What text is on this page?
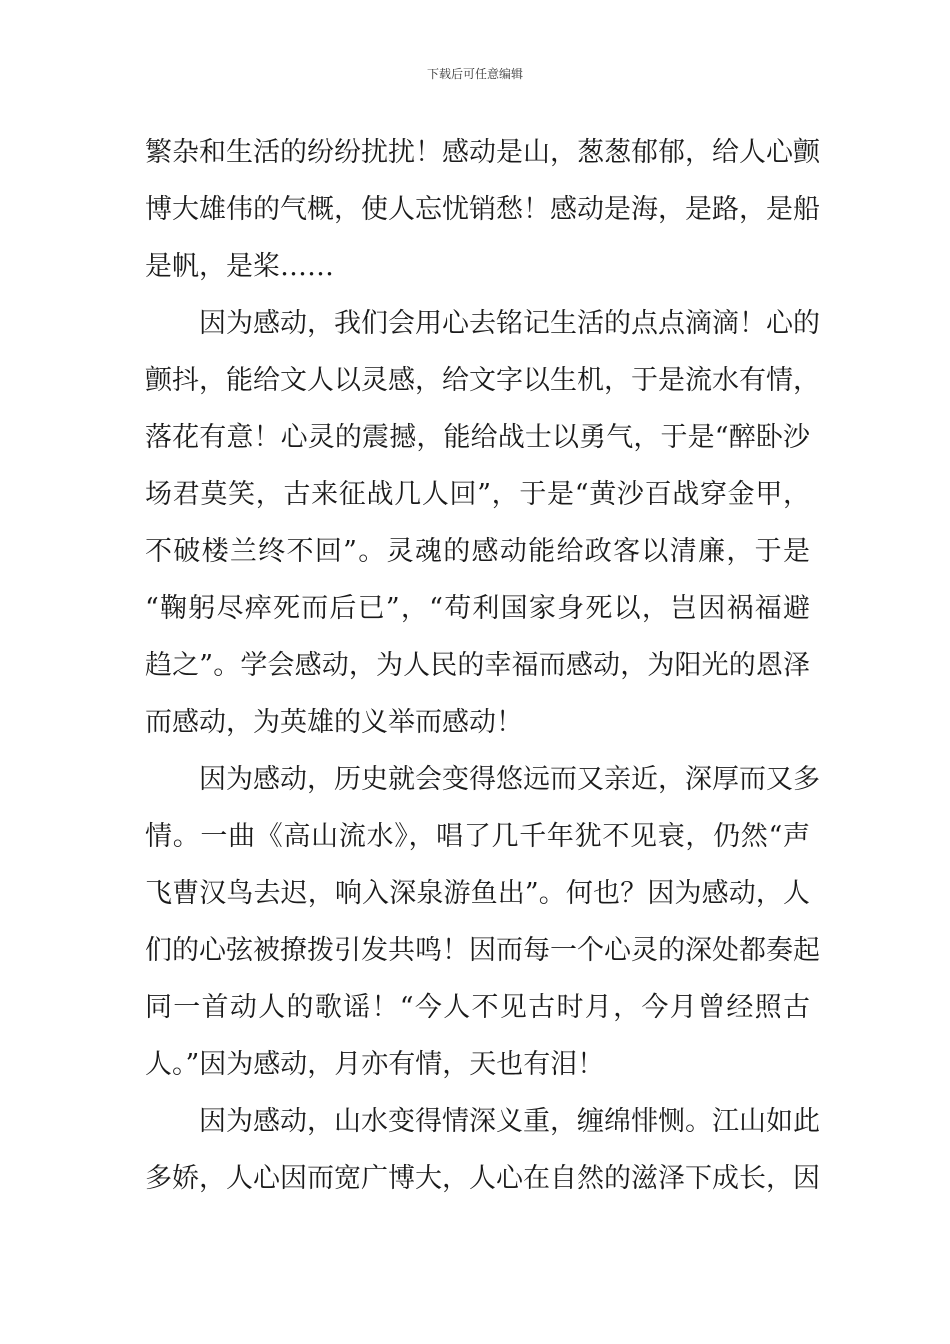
下载后可任意编辑
繁杂和生活的纷纷扰扰！感动是山，葱葱郁郁，给人心颤
博大雄伟的气概，使人忘忧销愁！感动是海，是路，是船
是帆，是桨……
　　因为感动，我们会用心去铭记生活的点点滴滴！心的
颤抖，能给文人以灵感，给文字以生机，于是流水有情，
落花有意！心灵的震撼，能给战士以勇气，于是“醉卧沙
场君莫笑，古来征战几人回”，于是“黄沙百战穿金甲，
不破楼兰终不回”。灵魂的感动能给政客以清廉，于是
“鞠躬尽瘁死而后已”，“苟利国家身死以，岂因祸福避
趋之”。学会感动，为人民的幸福而感动，为阳光的恩泽
而感动，为英雄的义举而感动！
　　因为感动，历史就会变得悠远而又亲近，深厚而又多
情。一曲《高山流水》，唱了几千年犹不见衰，仍然“声
飞曹汉鸟去迟，响入深泉游鱼出”。何也？因为感动，人
们的心弦被撩拨引发共鸣！因而每一个心灵的深处都奏起
同一首动人的歌谣！“今人不见古时月，今月曾经照古
人。”因为感动，月亦有情，天也有泪！
　　因为感动，山水变得情深义重，缠绵悱恻。江山如此
多娇，人心因而宽广博大，人心在自然的滋泽下成长，因
